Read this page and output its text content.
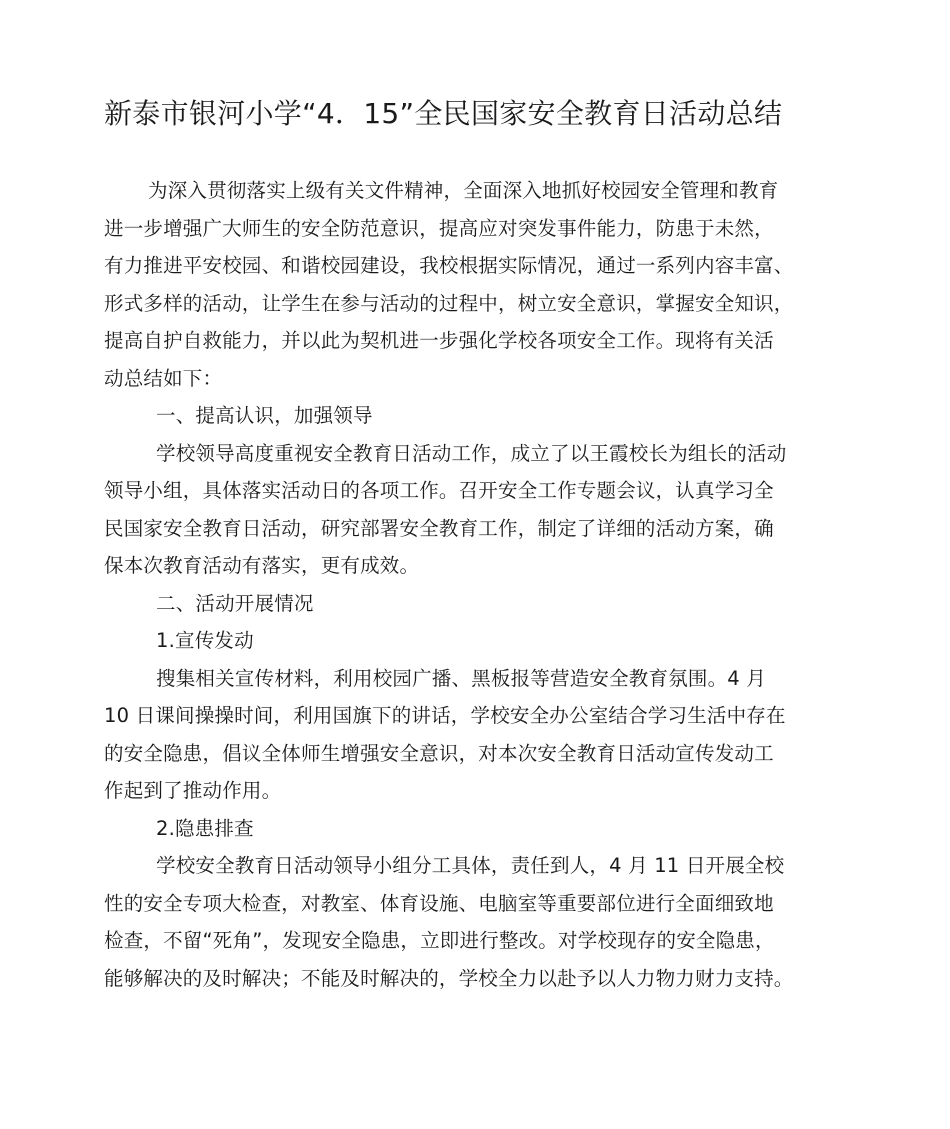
新泰市银河小学“4．15”全民国家安全教育日活动总结
为深入贯彻落实上级有关文件精神，全面深入地抓好校园安全管理和教育
进一步增强广大师生的安全防范意识，提高应对突发事件能力，防患于未然，
有力推进平安校园、和谐校园建设，我校根据实际情况，通过一系列内容丰富、
形式多样的活动，让学生在参与活动的过程中，树立安全意识，掌握安全知识，
提高自护自救能力，并以此为契机进一步强化学校各项安全工作。现将有关活
动总结如下：
一、提高认识，加强领导
学校领导高度重视安全教育日活动工作，成立了以王霞校长为组长的活动
领导小组，具体落实活动日的各项工作。召开安全工作专题会议，认真学习全
民国家安全教育日活动，研究部署安全教育工作，制定了详细的活动方案，确
保本次教育活动有落实，更有成效。
二、活动开展情况
1.宣传发动
搜集相关宣传材料，利用校园广播、黑板报等营造安全教育氛围。4 月
10 日课间操操时间，利用国旗下的讲话，学校安全办公室结合学习生活中存在
的安全隐患，倡议全体师生增强安全意识，对本次安全教育日活动宣传发动工
作起到了推动作用。
2.隐患排查
学校安全教育日活动领导小组分工具体，责任到人，4 月 11 日开展全校
性的安全专项大检查，对教室、体育设施、电脑室等重要部位进行全面细致地
检查，不留“死角”，发现安全隐患，立即进行整改。对学校现存的安全隐患，
能够解决的及时解决；不能及时解决的，学校全力以赴予以人力物力财力支持。
